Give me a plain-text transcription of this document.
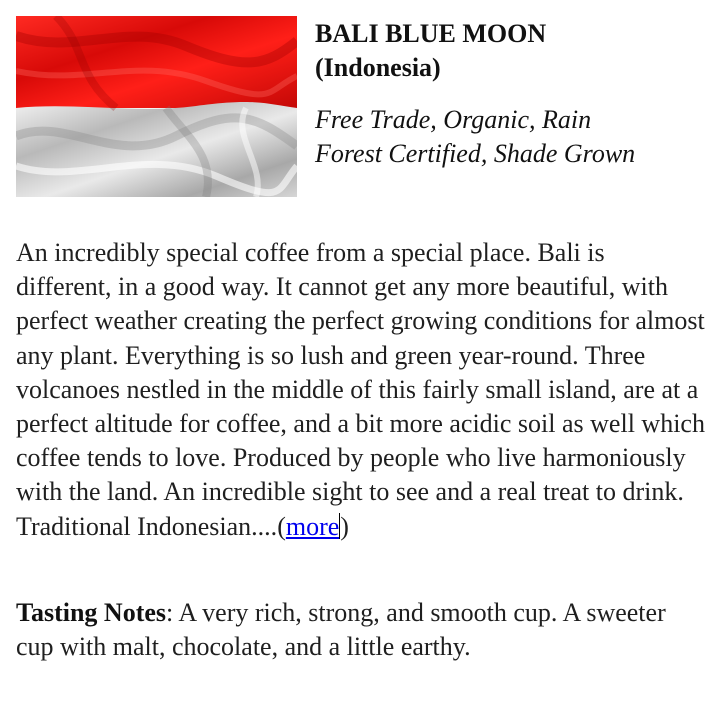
BALI BLUE MOON
(Indonesia)

Free Trade, Organic, Rain
Forest Certified, Shade Grown

An incredibly special coffee from a special place. Bali is different, in a good way. It cannot get any more beautiful, with perfect weather creating the perfect growing conditions for almost any plant. Everything is so lush and green year-round. Three volcanoes nestled in the middle of this fairly small island, are at a perfect altitude for coffee, and a bit more acidic soil as well which coffee tends to love. Produced by people who live harmoniously with the land. An incredible sight to see and a real treat to drink. Traditional Indonesian....(more)

Tasting Notes: A very rich, strong, and smooth cup. A sweeter cup with malt, chocolate, and a little earthy.
